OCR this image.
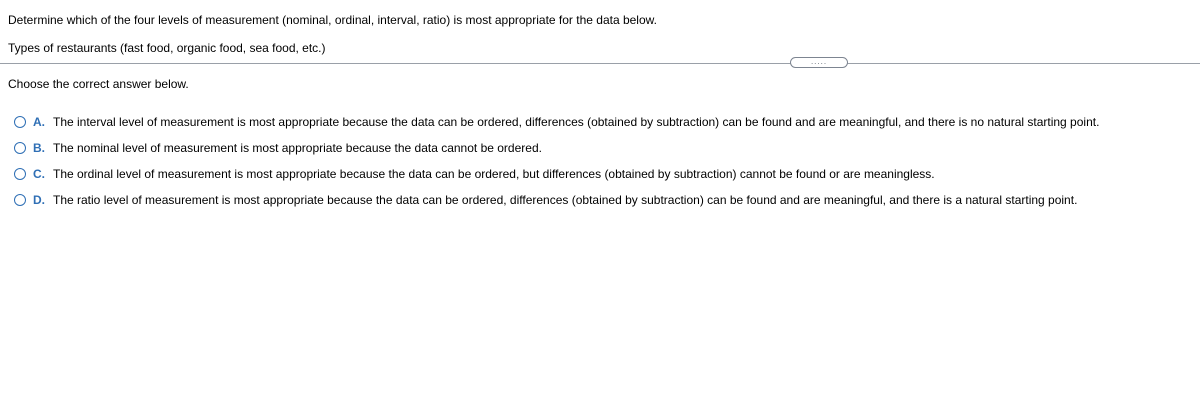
Determine which of the four levels of measurement (nominal, ordinal, interval, ratio) is most appropriate for the data below.
Types of restaurants (fast food, organic food, sea food, etc.)
.....
Choose the correct answer below.
A. The interval level of measurement is most appropriate because the data can be ordered, differences (obtained by subtraction) can be found and are meaningful, and there is no natural starting point.
B. The nominal level of measurement is most appropriate because the data cannot be ordered.
C. The ordinal level of measurement is most appropriate because the data can be ordered, but differences (obtained by subtraction) cannot be found or are meaningless.
D. The ratio level of measurement is most appropriate because the data can be ordered, differences (obtained by subtraction) can be found and are meaningful, and there is a natural starting point.
